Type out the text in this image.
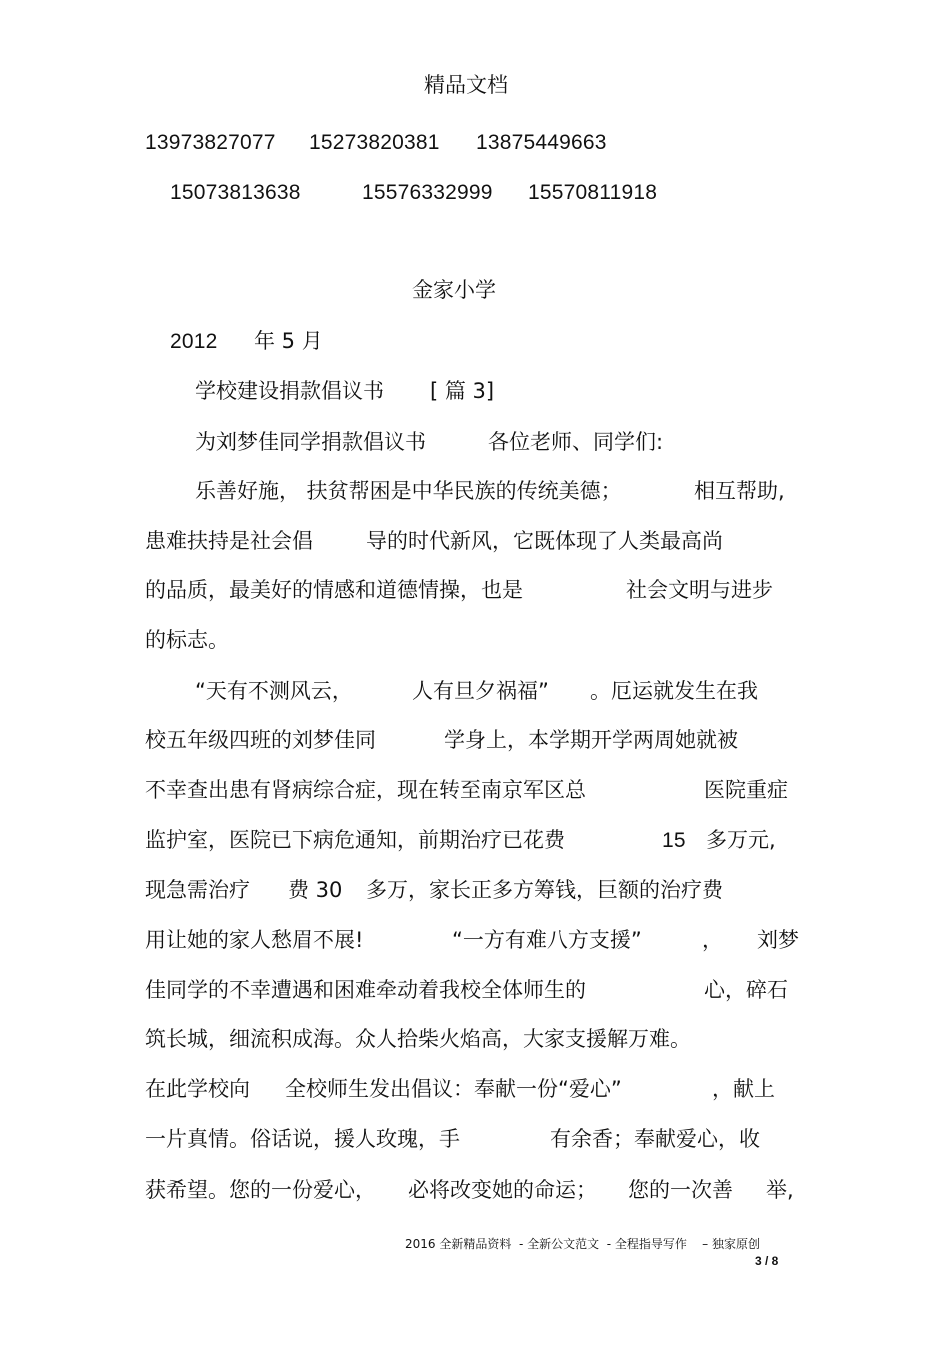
精品文档
13973827077 15273820381 13875449663
15073813638	15576332999 15570811918
金家小学
2012 年 5 月
学校建设捐款倡议书 [ 篇 3]
为刘梦佳同学捐款倡议书	各位老师、同学们:
乐善好施， 扶贫帮困是中华民族的传统美德；	相互帮助,
患难扶持是社会倡	导的时代新风，它既体现了人类最高尚
的品质，最美好的情感和道德情操，也是	社会文明与进步
的标志。
“天有不测风云，	人有旦夕祸福” 。厄运就发生在我
校五年级四班的刘梦佳同	学身上，本学期开学两周她就被
不幸查出患有肾病综合症，现在转至南京军区总	医院重症
监护室，医院已下病危通知，前期治疗已花费	15 多万元,
现急需治疗 费 30 多万，家长正多方筹钱，巨额的治疗费
用让她的家人愁眉不展!	“一方有难八方支援”	， 刘梦
佳同学的不幸遭遇和困难牵动着我校全体师生的	心，碎石
筑长城，细流积成海。众人拾柴火焰高，大家支援解万难。
在此学校向 全校师生发出倡议：奉献一份“爱心”	，献上
一片真情。俗话说，援人玫瑰，手	有余香；奉献爱心，收
获希望。您的一份爱心， 必将改变她的命运； 您的一次善 举,
2016 全新精品资料  - 全新公文范文  - 全程指导写作    – 独家原创
3 / 8
